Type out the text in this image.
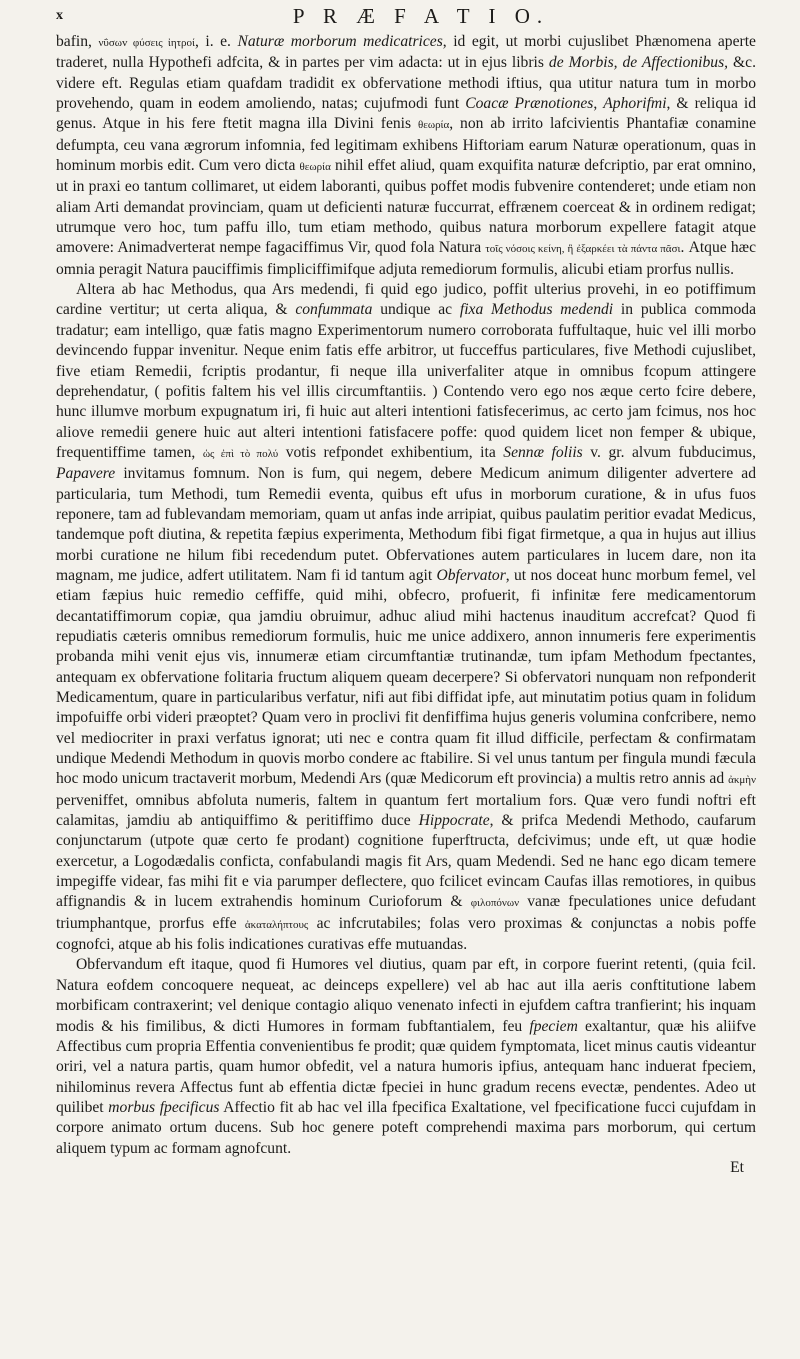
x	P R Æ F A T I O.

bafin, νΰσωv φύσεις ἰητροί, i. e. Naturæ morborum medicatrices, id egit, ut morbi cujuslibet Phænomena aperte traderet, nulla Hypothefi adfcita, & in partes per vim adacta: ut in ejus libris de Morbis, de Affectionibus, &c. videre eft. Regulas etiam quafdam tradidit ex obfervatione methodi iftius, qua utitur natura tum in morbo provehendo, quam in eodem amoliendo, natas; cujufmodi funt Coacæ Prænotiones, Aphorifmi, & reliqua id genus. Atque in his fere ftetit magna illa Divini fenis θεωρία, non ab irrito lafcivientis Phantafiæ conamine defumpta, ceu vana ægrorum infomnia, fed legitimam exhibens Hiftoriam earum Naturæ operationum, quas in hominum morbis edit. Cum vero dicta θεωρία nihil effet aliud, quam exquifita naturæ defcriptio, par erat omnino, ut in praxi eo tantum collimaret, ut eidem laboranti, quibus poffet modis fubvenire contenderet; unde etiam non aliam Arti demandat provinciam, quam ut deficienti naturæ fuccurrat, effrænem coerceat & in ordinem redigat; utrumque vero hoc, tum paffu illo, tum etiam methodo, quibus natura morborum expellere fatagit atque amovere: Animadverterat nempe fagaciffimus Vir, quod fola Natura τοῖς νόσοις κείνη, ἢ ἐξαρκέει τὰ πάντα πᾶσι. Atque hæc omnia peragit Natura pauciffimis fimpliciffimifque adjuta remediorum formulis, alicubi etiam prorfus nullis.

Altera ab hac Methodus, qua Ars medendi, fi quid ego judico, poffit ulterius provehi, in eo potiffimum cardine vertitur; ut certa aliqua, & confummata undique ac fixa Methodus medendi in publica commoda tradatur; eam intelligo, quæ fatis magno Experimentorum numero corroborata fuffultaque, huic vel illi morbo devincendo fuppar invenitur. Neque enim fatis effe arbitror, ut fucceffus particulares, five Methodi cujuslibet, five etiam Remedii, fcriptis prodantur, fi neque illa univerfaliter atque in omnibus fcopum attingere deprehendatur, ( pofitis faltem his vel illis circumftantiis. ) Contendo vero ego nos æque certo fcire debere, hunc illumve morbum expugnatum iri, fi huic aut alteri intentioni fatisfecerimus, ac certo jam fcimus, nos hoc aliove remedii genere huic aut alteri intentioni fatisfacere poffe: quod quidem licet non femper & ubique, frequentiffime tamen, ὡς ἐπὶ τὸ πολύ votis refpondet exhibentium, ita Sennæ foliis v. gr. alvum fubducimus, Papavere invitamus fomnum. Non is fum, qui negem, debere Medicum animum diligenter advertere ad particularia, tum Methodi, tum Remedii eventa, quibus eft ufus in morborum curatione, & in ufus fuos reponere, tam ad fublevandam memoriam, quam ut anfas inde arripiat, quibus paulatim peritior evadat Medicus, tandemque poft diutina, & repetita fæpius experimenta, Methodum fibi figat firmetque, a qua in hujus aut illius morbi curatione ne hilum fibi recedendum putet. Obfervationes autem particulares in lucem dare, non ita magnam, me judice, adfert utilitatem. Nam fi id tantum agit Obfervator, ut nos doceat hunc morbum femel, vel etiam fæpius huic remedio ceffiffe, quid mihi, obfecro, profuerit, fi infinitæ fere medicamentorum decantatiffimorum copiæ, qua jamdiu obruimur, adhuc aliud mihi hactenus inauditum accrefcat? Quod fi repudiatis cæteris omnibus remediorum formulis, huic me unice addixero, annon innumeris fere experimentis probanda mihi venit ejus vis, innumeræ etiam circumftantiæ trutinandæ, tum ipfam Methodum fpectantes, antequam ex obfervatione folitaria fructum aliquem queam decerpere? Si obfervatori nunquam non refponderit Medicamentum, quare in particularibus verfatur, nifi aut fibi diffidat ipfe, aut minutatim potius quam in folidum impofuiffe orbi videri præoptet? Quam vero in proclivi fit denfiffima hujus generis volumina confcribere, nemo vel mediocriter in praxi verfatus ignorat; uti nec e contra quam fit illud difficile, perfectam & confirmatam undique Medendi Methodum in quovis morbo condere ac ftabilire. Si vel unus tantum per fingula mundi fæcula hoc modo unicum tractaverit morbum, Medendi Ars (quæ Medicorum eft provincia) a multis retro annis ad ἀκμὴν perveniffet, omnibus abfoluta numeris, faltem in quantum fert mortalium fors. Quæ vero fundi noftri eft calamitas, jamdiu ab antiquiffimo & peritiffimo duce Hippocrate, & prifca Medendi Methodo, caufarum conjunctarum (utpote quæ certo fe prodant) cognitione fuperftructa, defcivimus; unde eft, ut quæ hodie exercetur, a Logodædalis conficta, confabulandi magis fit Ars, quam Medendi. Sed ne hanc ego dicam temere impegiffe videar, fas mihi fit e via parumper deflectere, quo fcilicet evincam Caufas illas remotiores, in quibus affignandis & in lucem extrahendis hominum Curioforum & φιλοπόνων vanæ fpeculationes unice defudant triumphantque, prorfus effe ἀκαταλήπτους ac infcrutabiles; folas vero proximas & conjunctas a nobis poffe cognofci, atque ab his folis indicationes curativas effe mutuandas.

Obfervandum eft itaque, quod fi Humores vel diutius, quam par eft, in corpore fuerint retenti, (quia fcil. Natura eofdem concoquere nequeat, ac deinceps expellere) vel ab hac aut illa aeris conftitutione labem morbificam contraxerint; vel denique contagio aliquo venenato infecti in ejufdem caftra tranfierint; his inquam modis & his fimilibus, & dicti Humores in formam fubftantialem, feu fpeciem exaltantur, quæ his aliifve Affectibus cum propria Effentia convenientibus fe prodit; quæ quidem fymptomata, licet minus cautis videantur oriri, vel a natura partis, quam humor obfedit, vel a natura humoris ipfius, antequam hanc induerat fpeciem, nihilominus revera Affectus funt ab effentia dictæ fpeciei in hunc gradum recens evectæ, pendentes. Adeo ut quilibet morbus fpecificus Affectio fit ab hac vel illa fpecifica Exaltatione, vel fpecificatione fucci cujufdam in corpore animato ortum ducens. Sub hoc genere poteft comprehendi maxima pars morborum, qui certum aliquem typum ac formam agnofcunt.

Et
